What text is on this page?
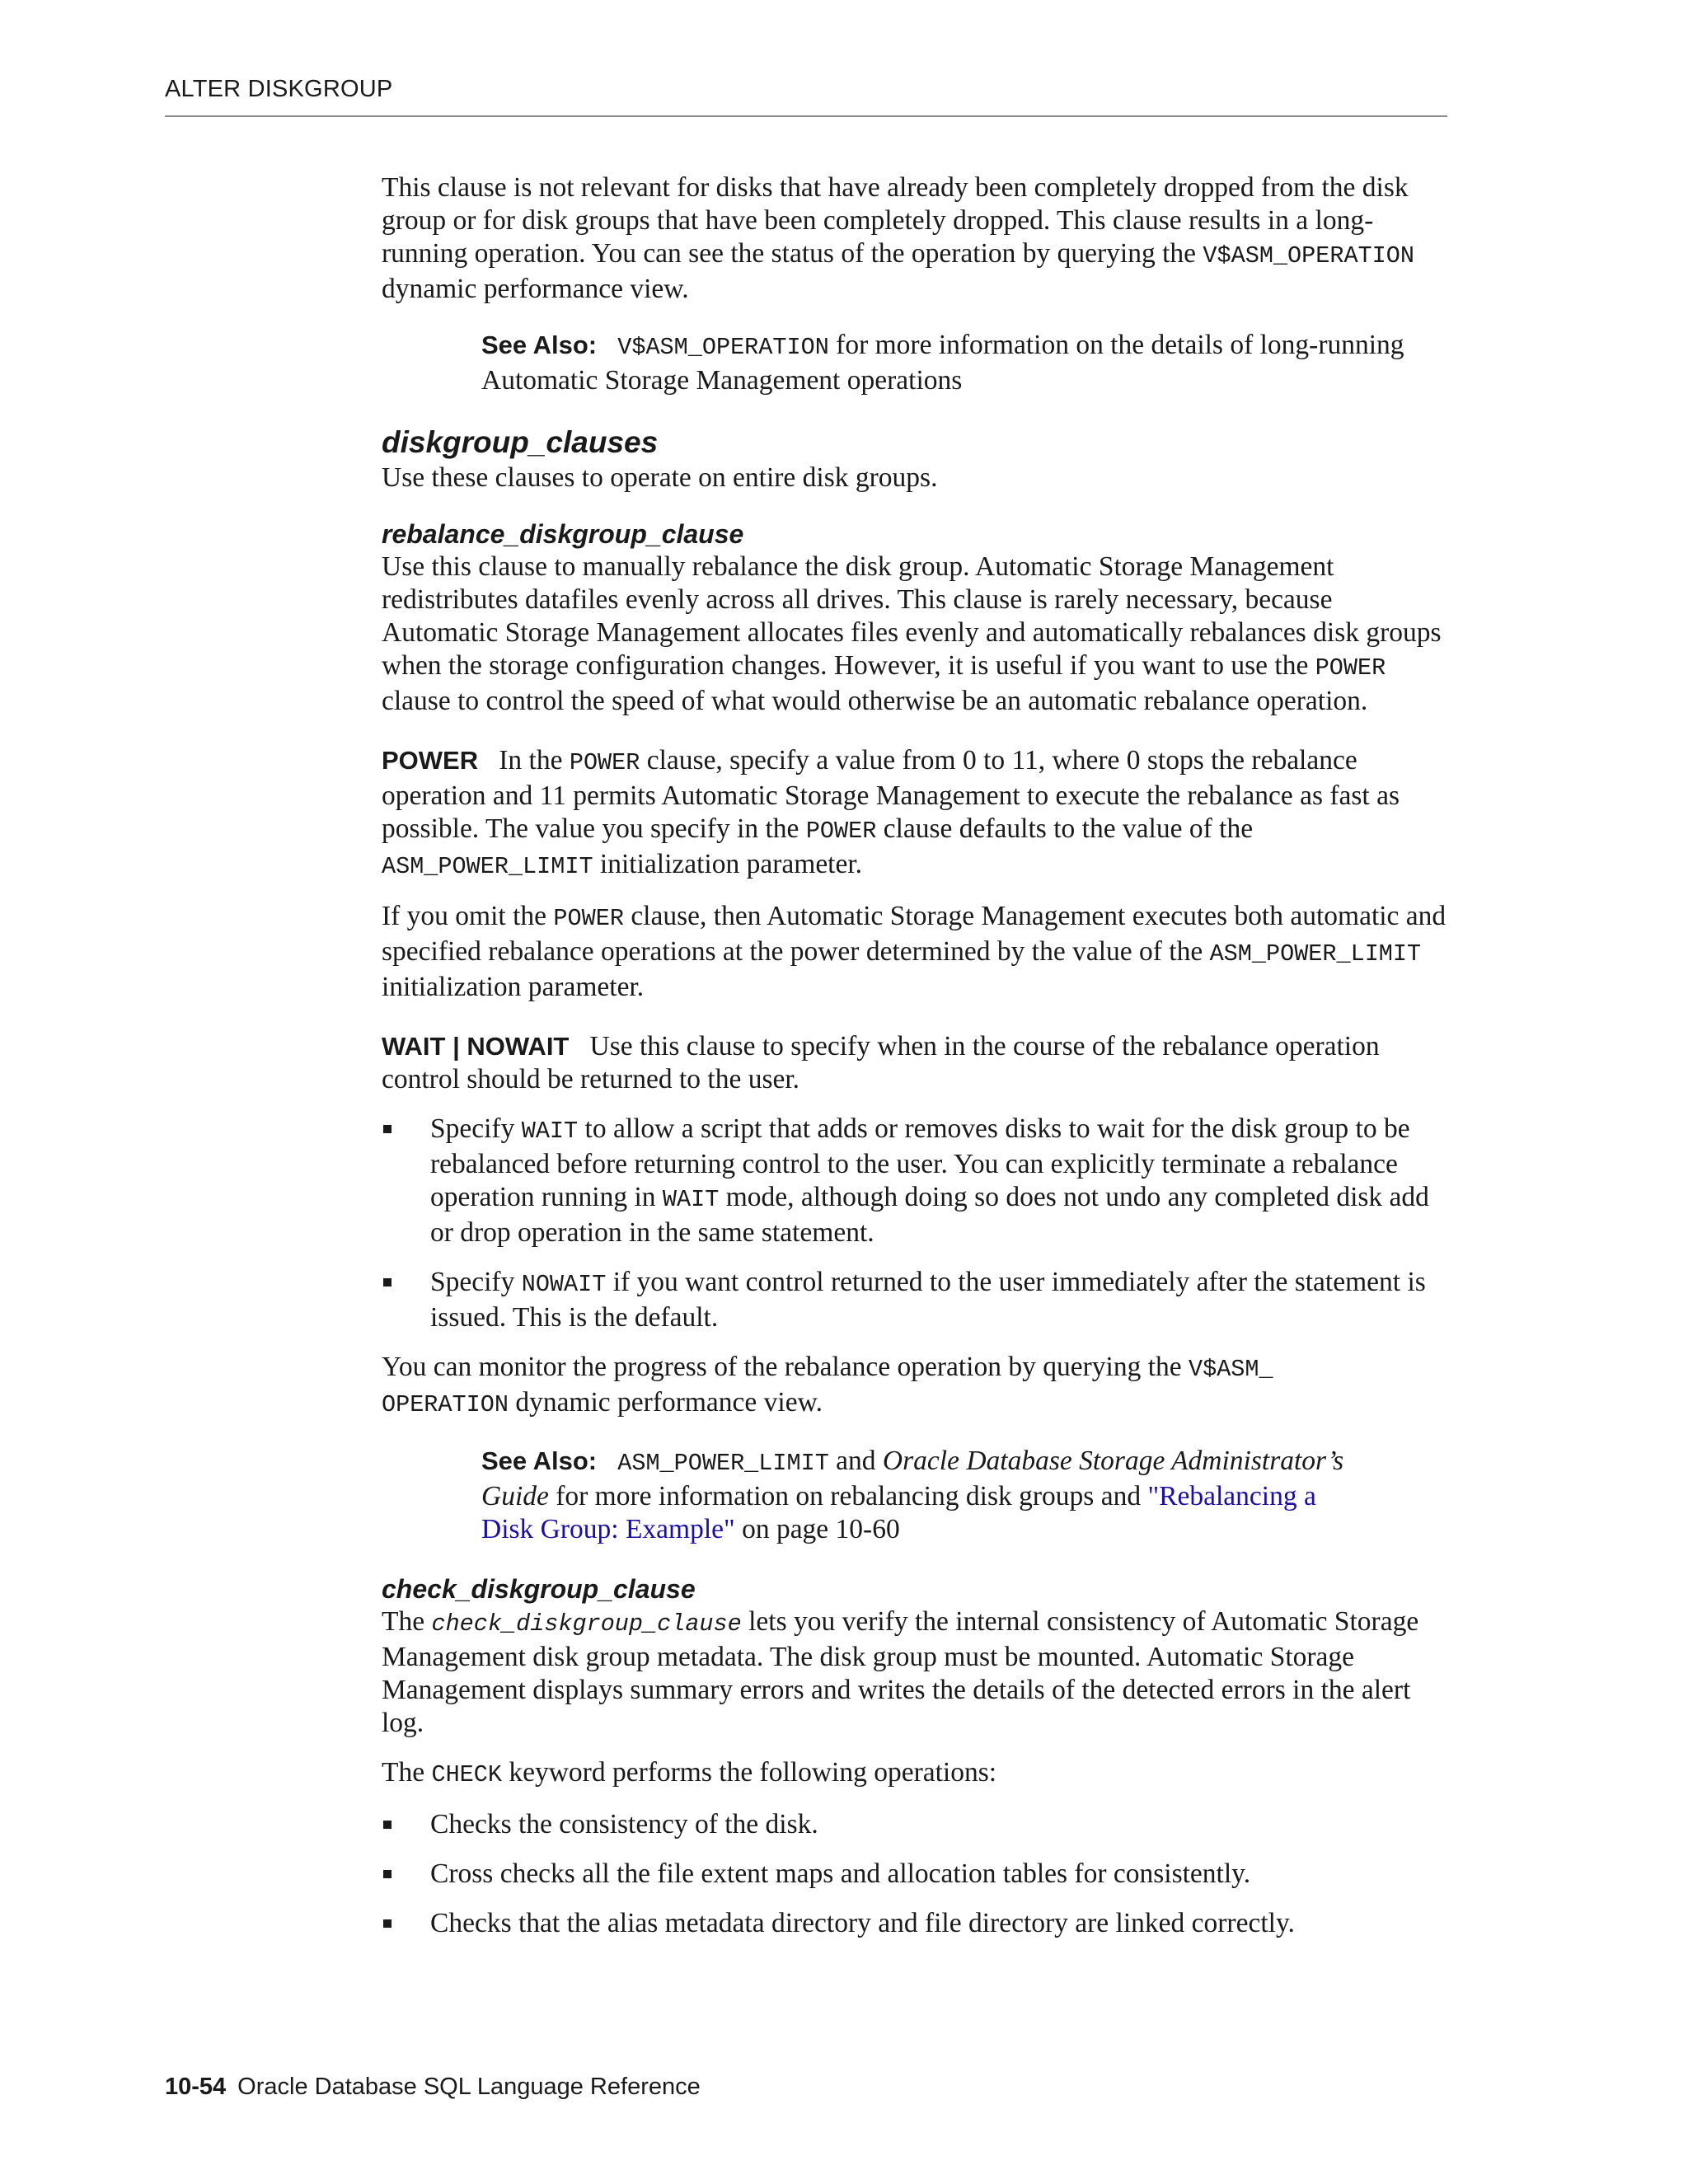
ALTER DISKGROUP

This clause is not relevant for disks that have already been completely dropped from the disk group or for disk groups that have been completely dropped. This clause results in a long-running operation. You can see the status of the operation by querying the V$ASM_OPERATION dynamic performance view.

See Also: V$ASM_OPERATION for more information on the details of long-running Automatic Storage Management operations

diskgroup_clauses

Use these clauses to operate on entire disk groups.

rebalance_diskgroup_clause

Use this clause to manually rebalance the disk group. Automatic Storage Management redistributes datafiles evenly across all drives. This clause is rarely necessary, because Automatic Storage Management allocates files evenly and automatically rebalances disk groups when the storage configuration changes. However, it is useful if you want to use the POWER clause to control the speed of what would otherwise be an automatic rebalance operation.

POWER In the POWER clause, specify a value from 0 to 11, where 0 stops the rebalance operation and 11 permits Automatic Storage Management to execute the rebalance as fast as possible. The value you specify in the POWER clause defaults to the value of the ASM_POWER_LIMIT initialization parameter.

If you omit the POWER clause, then Automatic Storage Management executes both automatic and specified rebalance operations at the power determined by the value of the ASM_POWER_LIMIT initialization parameter.

WAIT | NOWAIT Use this clause to specify when in the course of the rebalance operation control should be returned to the user.

Specify WAIT to allow a script that adds or removes disks to wait for the disk group to be rebalanced before returning control to the user. You can explicitly terminate a rebalance operation running in WAIT mode, although doing so does not undo any completed disk add or drop operation in the same statement.
Specify NOWAIT if you want control returned to the user immediately after the statement is issued. This is the default.

You can monitor the progress of the rebalance operation by querying the V$ASM_
OPERATION dynamic performance view.

See Also: ASM_POWER_LIMIT and Oracle Database Storage Administrator’s Guide for more information on rebalancing disk groups and "Rebalancing a Disk Group: Example" on page 10-60

check_diskgroup_clause

The check_diskgroup_clause lets you verify the internal consistency of Automatic Storage Management disk group metadata. The disk group must be mounted. Automatic Storage Management displays summary errors and writes the details of the detected errors in the alert log.

The CHECK keyword performs the following operations:

Checks the consistency of the disk.
Cross checks all the file extent maps and allocation tables for consistently.
Checks that the alias metadata directory and file directory are linked correctly.
10-54 Oracle Database SQL Language Reference
